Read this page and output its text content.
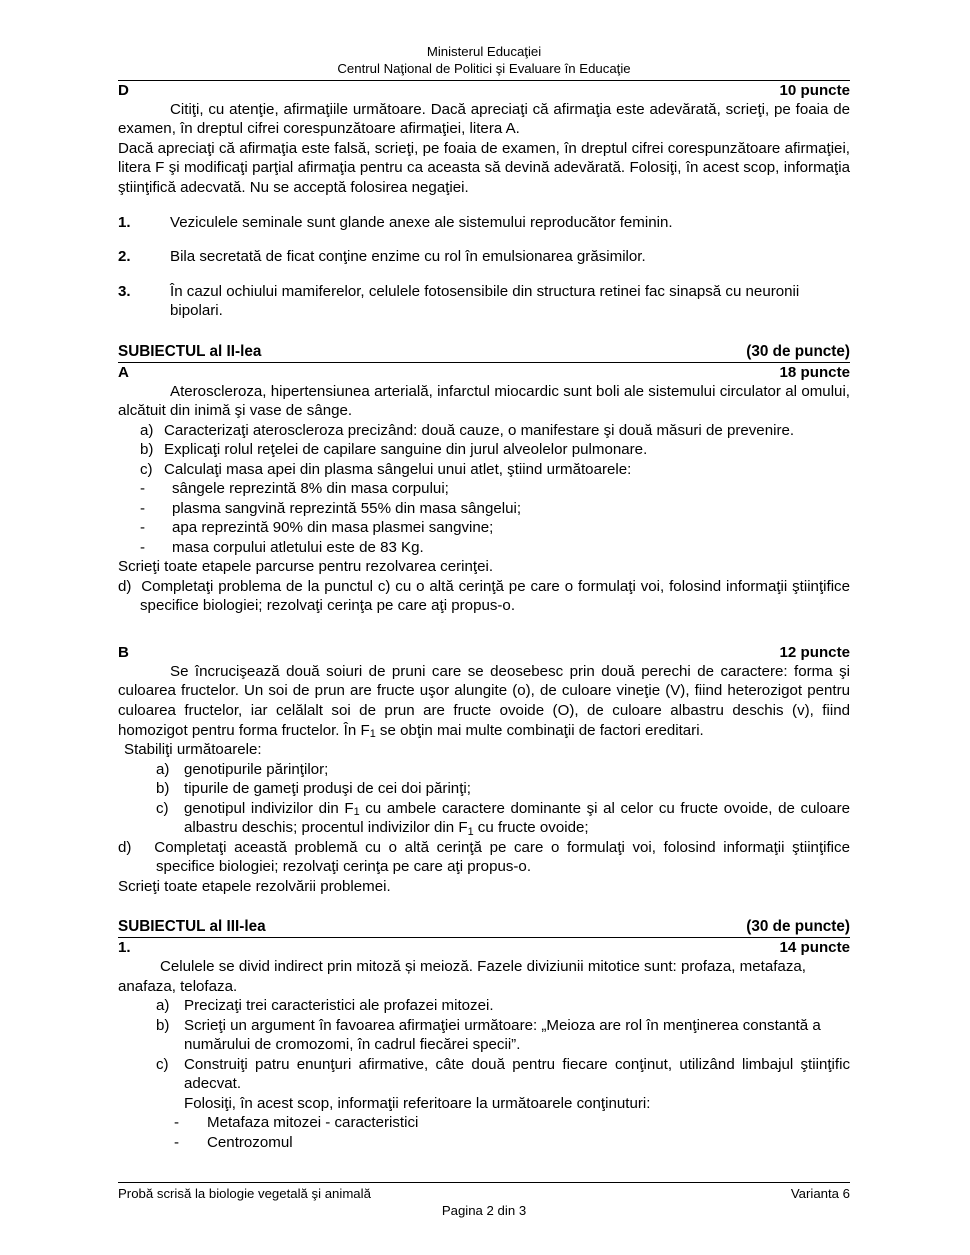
Ministerul Educaţiei
Centrul Naţional de Politici şi Evaluare în Educaţie
D	10 puncte

Citiţi, cu atenţie, afirmaţiile următoare. Dacă apreciaţi că afirmaţia este adevărată, scrieţi, pe foaia de examen, în dreptul cifrei corespunzătoare afirmaţiei, litera A.

Dacă apreciaţi că afirmaţia este falsă, scrieţi, pe foaia de examen, în dreptul cifrei corespunzătoare afirmaţiei, litera F şi modificaţi parţial afirmaţia pentru ca aceasta să devină adevărată. Folosiţi, în acest scop, informaţia ştiinţifică adecvată. Nu se acceptă folosirea negaţiei.

1.	Veziculele seminale sunt glande anexe ale sistemului reproducător feminin.
2.	Bila secretată de ficat conţine enzime cu rol în emulsionarea grăsimilor.
3.	În cazul ochiului mamiferelor, celulele fotosensibile din structura retinei fac sinapsă cu neuronii bipolari.
SUBIECTUL al II-lea	(30 de puncte)
A	18 puncte

Ateroscleroza, hipertensiunea arterială, infarctul miocardic sunt boli ale sistemului circulator al omului, alcătuit din inimă şi vase de sânge.

a) Caracterizaţi ateroscleroza precizând: două cauze, o manifestare şi două măsuri de prevenire.
b) Explicaţi rolul reţelei de capilare sanguine din jurul alveolelor pulmonare.
c) Calculaţi masa apei din plasma sângelui unui atlet, ştiind următoarele:
-	sângele reprezintă 8% din masa corpului;
-	plasma sangvină reprezintă 55% din masa sângelui;
-	apa reprezintă 90% din masa plasmei sangvine;
-	masa corpului atletului este de 83 Kg.

Scrieţi toate etapele parcurse pentru rezolvarea cerinţei.

d) Completaţi problema de la punctul c) cu o altă cerinţă pe care o formulaţi voi, folosind informaţii ştiinţifice specifice biologiei; rezolvaţi cerinţa pe care aţi propus-o.

B	12 puncte

Se încrucişează două soiuri de pruni care se deosebesc prin două perechi de caractere: forma şi culoarea fructelor. Un soi de prun are fructe uşor alungite (o), de culoare vineţie (V), fiind heterozigot pentru culoarea fructelor, iar celălalt soi de prun are fructe ovoide (O), de culoare albastru deschis (v), fiind homozigot pentru forma fructelor. În $F_1$ se obţin mai multe combinaţii de factori ereditari.

Stabiliţi următoarele:

a) genotipurile părinţilor;
b) tipurile de gameţi produşi de cei doi părinţi;
c)	genotipul indivizilor din $F_1$ cu ambele caractere dominante şi al celor cu fructe ovoide, de culoare albastru deschis; procentul indivizilor din $F_1$ cu fructe ovoide;

d) Completaţi această problemă cu o altă cerinţă pe care o formulaţi voi, folosind informaţii ştiinţifice specifice biologiei; rezolvaţi cerinţa pe care aţi propus-o.

Scrieţi toate etapele rezolvării problemei.

SUBIECTUL al III-lea	(30 de puncte)
1.	14 puncte

Celulele se divid indirect prin mitoză și meioză. Fazele diviziunii mitotice sunt: profaza, metafaza, anafaza, telofaza.

a) Precizaţi trei caracteristici ale profazei mitozei.
b) Scrieţi un argument în favoarea afirmaţiei următoare: „Meioza are rol în menţinerea constantă a numărului de cromozomi, în cadrul fiecărei specii”.
c)	Construiţi patru enunţuri afirmative, câte două pentru fiecare conţinut, utilizând limbajul ştiinţific adecvat.

Folosiţi, în acest scop, informaţii referitoare la următoarele conţinuturi:

-	Metafaza mitozei - caracteristici
-	Centrozomul
Probă scrisă la biologie vegetală şi animală	Varianta 6
Pagina 2 din 3
